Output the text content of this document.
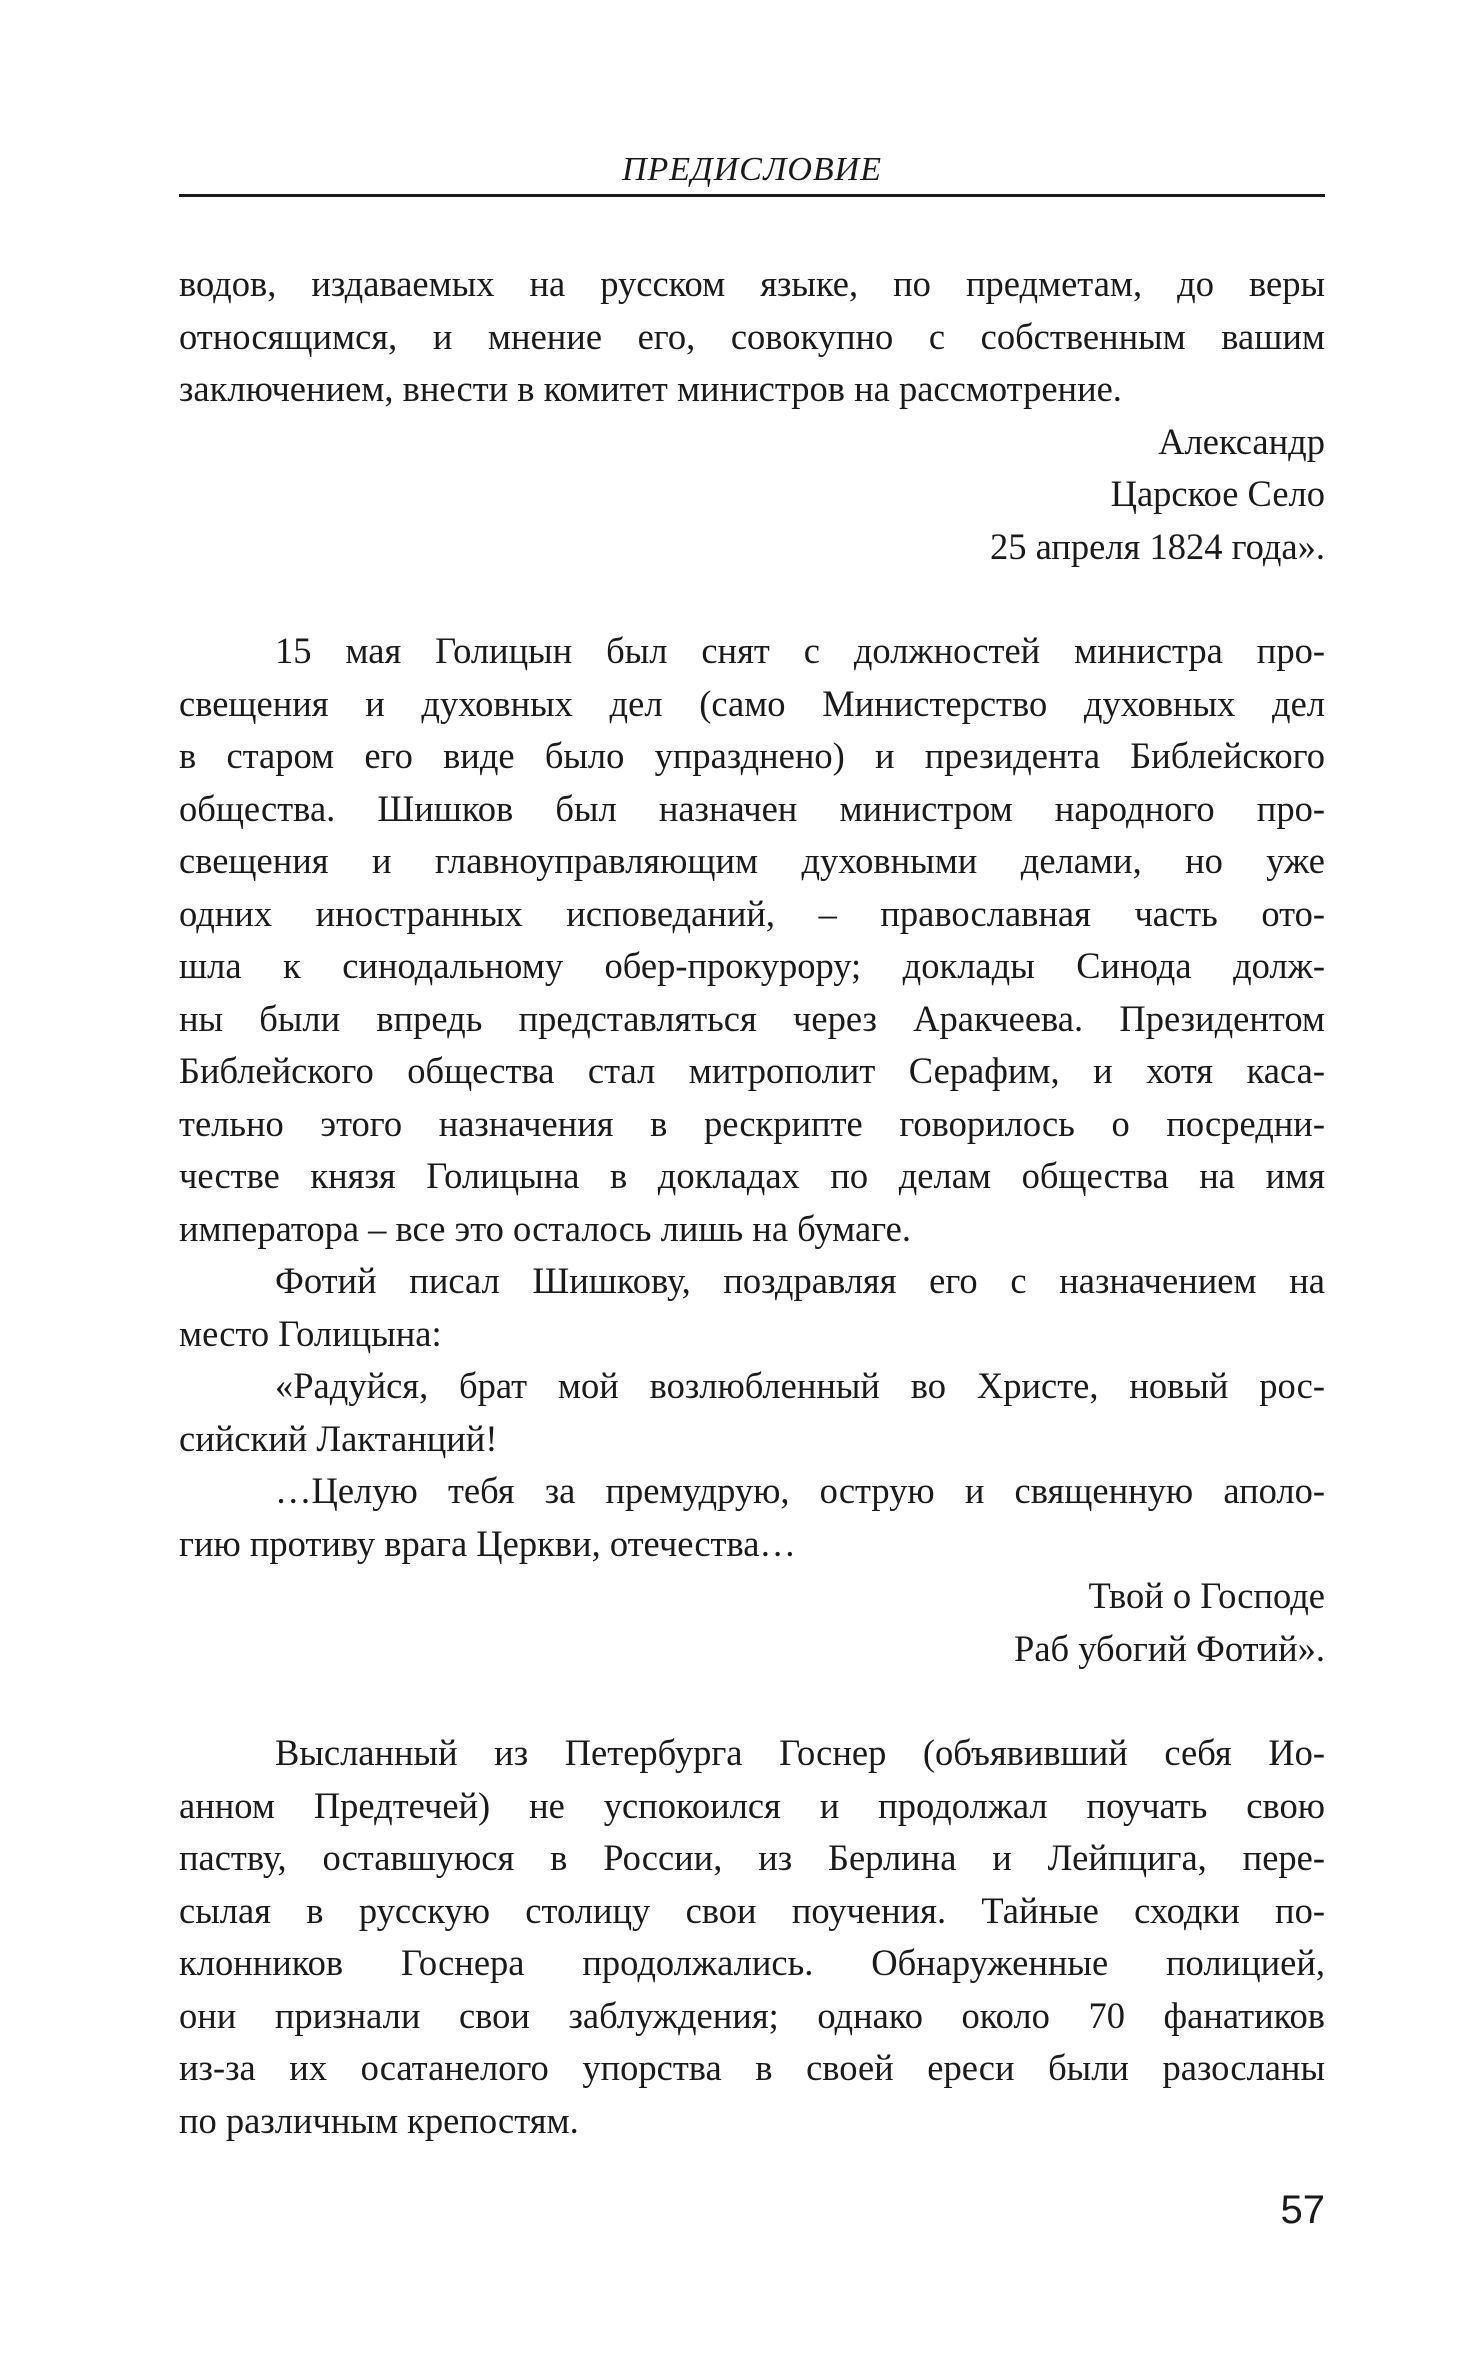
ПРЕДИСЛОВИЕ
водов, издаваемых на русском языке, по предметам, до веры
относящимся, и мнение его, совокупно с собственным вашим
заключением, внести в комитет министров на рассмотрение.
Александр
Царское Село
25 апреля 1824 года».
15 мая Голицын был снят с должностей министра про-
свещения и духовных дел (само Министерство духовных дел
в старом его виде было упразднено) и президента Библейского
общества. Шишков был назначен министром народного про-
свещения и главноуправляющим духовными делами, но уже
одних иностранных исповеданий, – православная часть ото-
шла к синодальному обер-прокурору; доклады Синода долж-
ны были впредь представляться через Аракчеева. Президентом
Библейского общества стал митрополит Серафим, и хотя каса-
тельно этого назначения в рескрипте говорилось о посредни-
честве князя Голицына в докладах по делам общества на имя
императора – все это осталось лишь на бумаге.
Фотий писал Шишкову, поздравляя его с назначением на
место Голицына:
«Радуйся, брат мой возлюбленный во Христе, новый рос-
сийский Лактанций!
…Целую тебя за премудрую, острую и священную аполо-
гию противу врага Церкви, отечества…
Твой о Господе
Раб убогий Фотий».
Высланный из Петербурга Госнер (объявивший себя Ио-
анном Предтечей) не успокоился и продолжал поучать свою
паству, оставшуюся в России, из Берлина и Лейпцига, пере-
сылая в русскую столицу свои поучения. Тайные сходки по-
клонников Госнера продолжались. Обнаруженные полицией,
они признали свои заблуждения; однако около 70 фанатиков
из-за их осатанелого упорства в своей ереси были разосланы
по различным крепостям.
57
